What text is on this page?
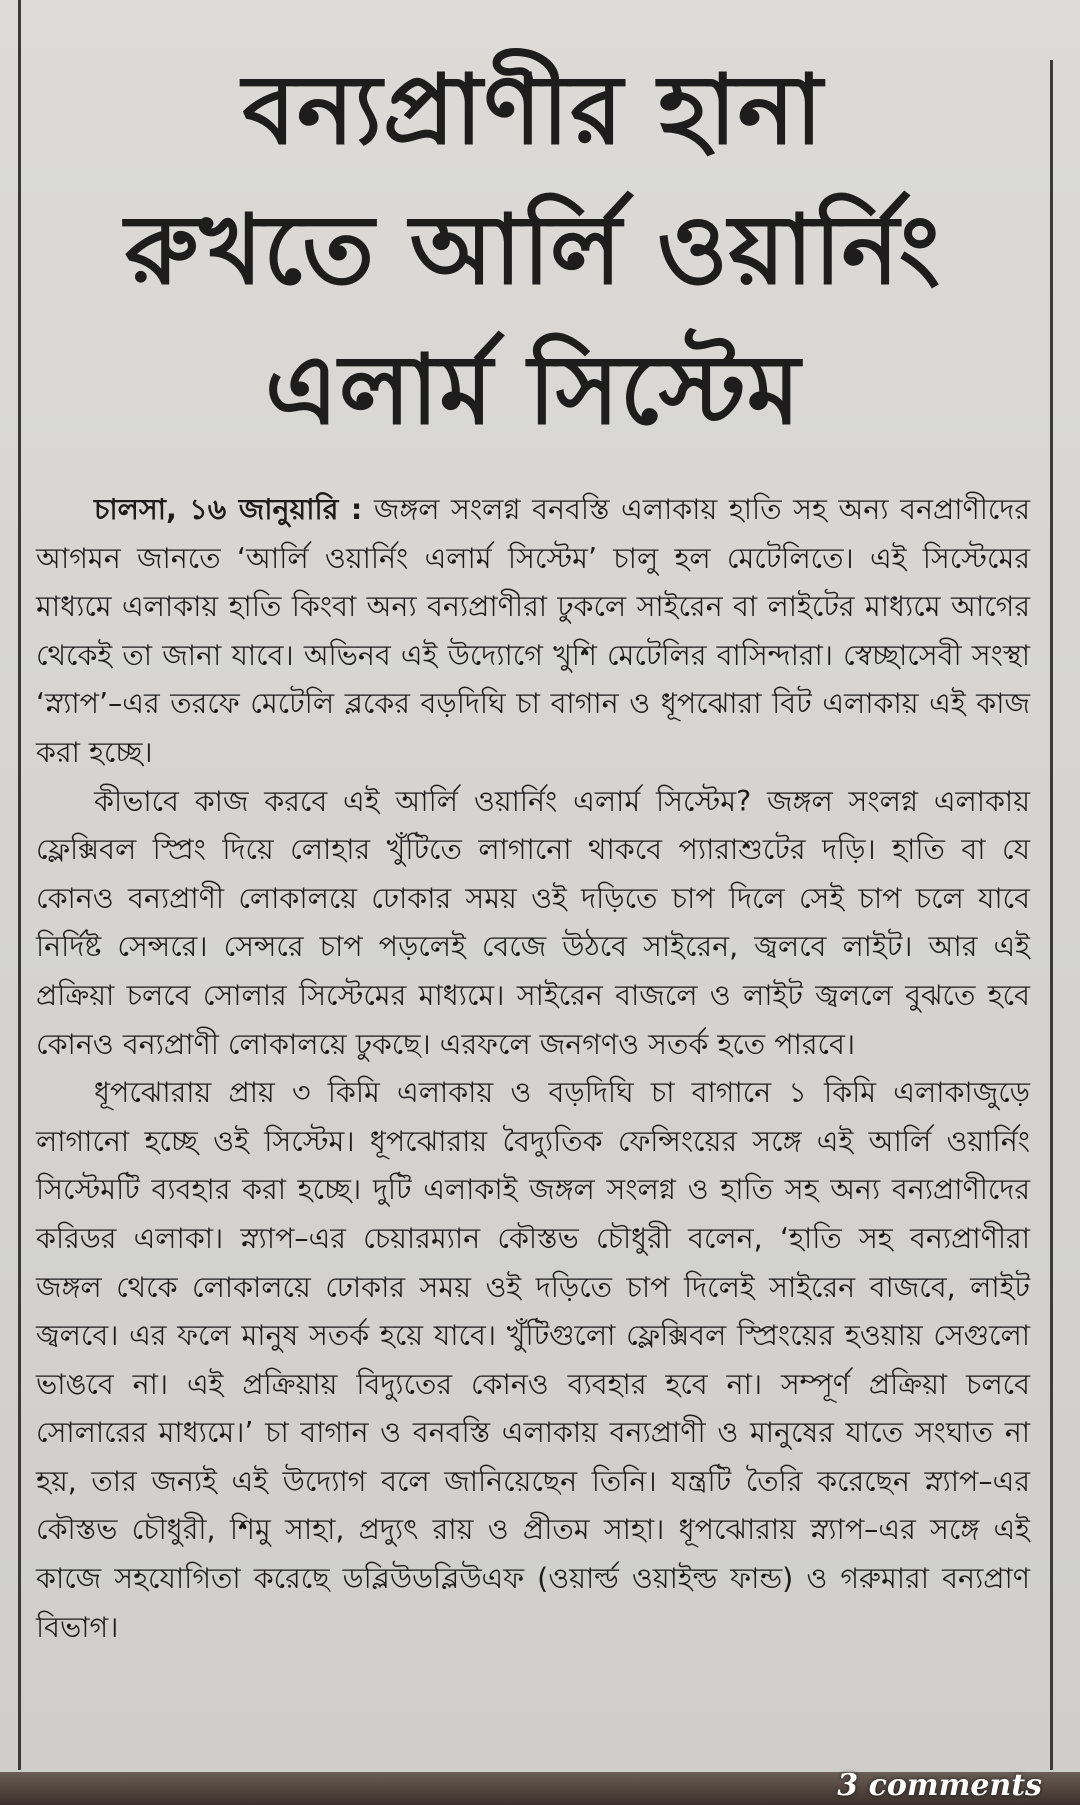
বন্যপ্রাণীর হানা
রুখতে আর্লি ওয়ার্নিং
এলার্ম সিস্টেম

চালসা, ১৬ জানুয়ারি : জঙ্গল সংলগ্ন বনবস্তি এলাকায় হাতি সহ অন্য বনপ্রাণীদের আগমন জানতে ‘আর্লি ওয়ার্নিং এলার্ম সিস্টেম’ চালু হল মেটেলিতে। এই সিস্টেমের মাধ্যমে এলাকায় হাতি কিংবা অন্য বন্যপ্রাণীরা ঢুকলে সাইরেন বা লাইটের মাধ্যমে আগের থেকেই তা জানা যাবে। অভিনব এই উদ্যোগে খুশি মেটেলির বাসিন্দারা। স্বেচ্ছাসেবী সংস্থা ‘স্ন্যাপ’–এর তরফে মেটেলি ব্লকের বড়দিঘি চা বাগান ও ধূপঝোরা বিট এলাকায় এই কাজ করা হচ্ছে।

কীভাবে কাজ করবে এই আর্লি ওয়ার্নিং এলার্ম সিস্টেম? জঙ্গল সংলগ্ন এলাকায় ফ্লেক্সিবল স্প্রিং দিয়ে লোহার খুঁটিতে লাগানো থাকবে প্যারাশুটের দড়ি। হাতি বা যে কোনও বন্যপ্রাণী লোকালয়ে ঢোকার সময় ওই দড়িতে চাপ দিলে সেই চাপ চলে যাবে নির্দিষ্ট সেন্সরে। সেন্সরে চাপ পড়লেই বেজে উঠবে সাইরেন, জ্বলবে লাইট। আর এই প্রক্রিয়া চলবে সোলার সিস্টেমের মাধ্যমে। সাইরেন বাজলে ও লাইট জ্বললে বুঝতে হবে কোনও বন্যপ্রাণী লোকালয়ে ঢুকছে। এরফলে জনগণও সতর্ক হতে পারবে।

ধূপঝোরায় প্রায় ৩ কিমি এলাকায় ও বড়দিঘি চা বাগানে ১ কিমি এলাকাজুড়ে লাগানো হচ্ছে ওই সিস্টেম। ধূপঝোরায় বৈদ্যুতিক ফেন্সিংয়ের সঙ্গে এই আর্লি ওয়ার্নিং সিস্টেমটি ব্যবহার করা হচ্ছে। দুটি এলাকাই জঙ্গল সংলগ্ন ও হাতি সহ অন্য বন্যপ্রাণীদের করিডর এলাকা। স্ন্যাপ–এর চেয়ারম্যান কৌস্তভ চৌধুরী বলেন, ‘হাতি সহ বন্যপ্রাণীরা জঙ্গল থেকে লোকালয়ে ঢোকার সময় ওই দড়িতে চাপ দিলেই সাইরেন বাজবে, লাইট জ্বলবে। এর ফলে মানুষ সতর্ক হয়ে যাবে। খুঁটিগুলো ফ্লেক্সিবল স্প্রিংয়ের হওয়ায় সেগুলো ভাঙবে না। এই প্রক্রিয়ায় বিদ্যুতের কোনও ব্যবহার হবে না। সম্পূর্ণ প্রক্রিয়া চলবে সোলারের মাধ্যমে।’ চা বাগান ও বনবস্তি এলাকায় বন্যপ্রাণী ও মানুষের যাতে সংঘাত না হয়, তার জন্যই এই উদ্যোগ বলে জানিয়েছেন তিনি। যন্ত্রটি তৈরি করেছেন স্ন্যাপ–এর কৌস্তভ চৌধুরী, শিমু সাহা, প্রদ্যুৎ রায় ও প্রীতম সাহা। ধূপঝোরায় স্ন্যাপ–এর সঙ্গে এই কাজে সহযোগিতা করেছে ডব্লিউডব্লিউএফ (ওয়ার্ল্ড ওয়াইল্ড ফান্ড) ও গরুমারা বন্যপ্রাণ বিভাগ।

3 comments
